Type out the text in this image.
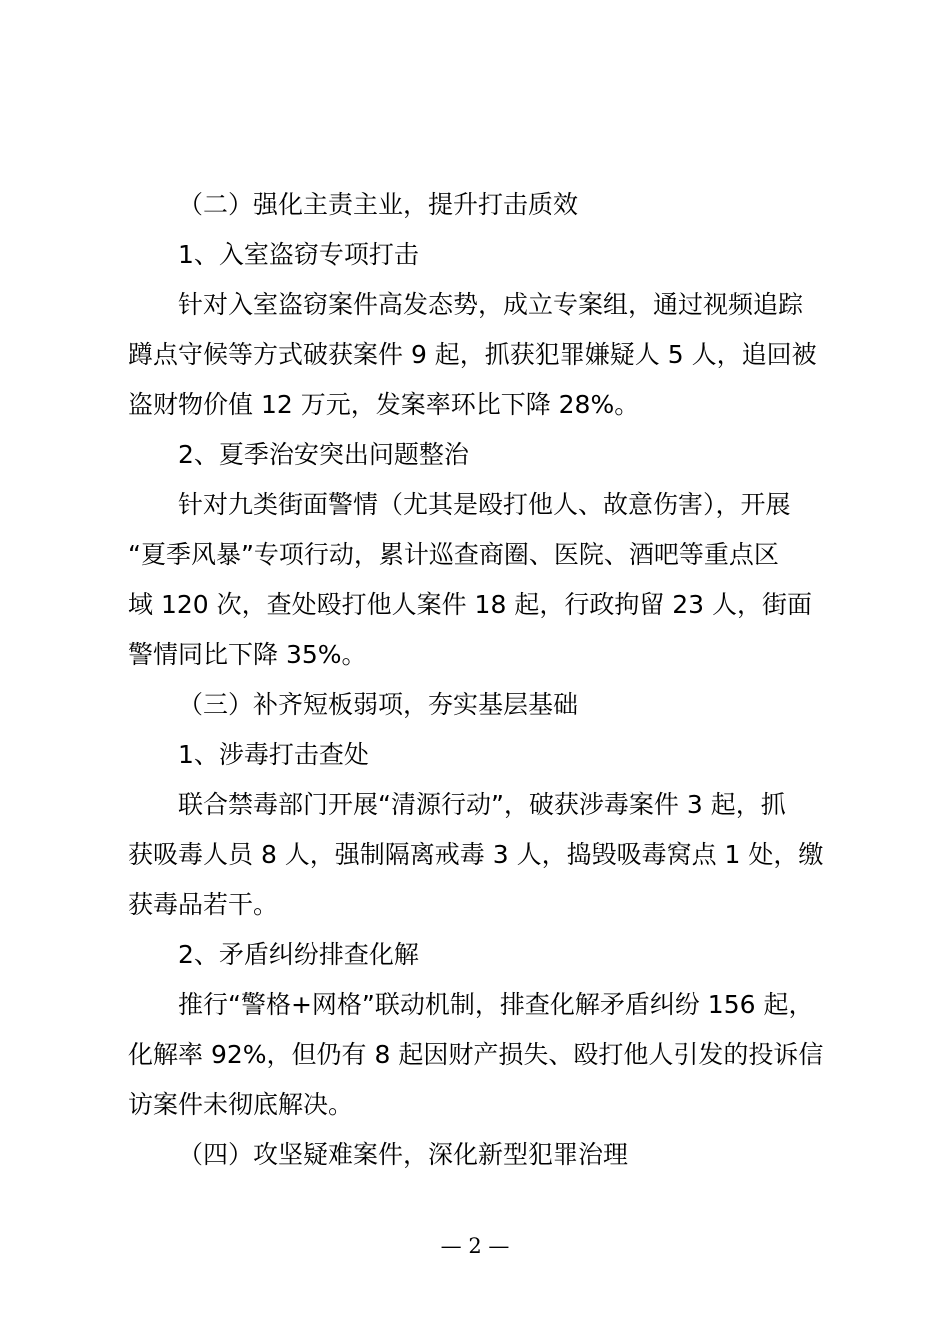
（二）强化主责主业，提升打击质效

1、入室盗窃专项打击

针对入室盗窃案件高发态势，成立专案组，通过视频追踪

蹲点守候等方式破获案件 9 起，抓获犯罪嫌疑人 5 人，追回被

盗财物价值 12 万元，发案率环比下降 28%。

2、夏季治安突出问题整治

针对九类街面警情（尤其是殴打他人、故意伤害），开展

“夏季风暴”专项行动，累计巡查商圈、医院、酒吧等重点区

域 120 次，查处殴打他人案件 18 起，行政拘留 23 人，街面

警情同比下降 35%。

（三）补齐短板弱项，夯实基层基础

1、涉毒打击查处

联合禁毒部门开展“清源行动”，破获涉毒案件 3 起，抓

获吸毒人员 8 人，强制隔离戒毒 3 人，捣毁吸毒窝点 1 处，缴

获毒品若干。

2、矛盾纠纷排查化解

推行“警格+网格”联动机制，排查化解矛盾纠纷 156 起，

化解率 92%，但仍有 8 起因财产损失、殴打他人引发的投诉信

访案件未彻底解决。

（四）攻坚疑难案件，深化新型犯罪治理

— 2 —
